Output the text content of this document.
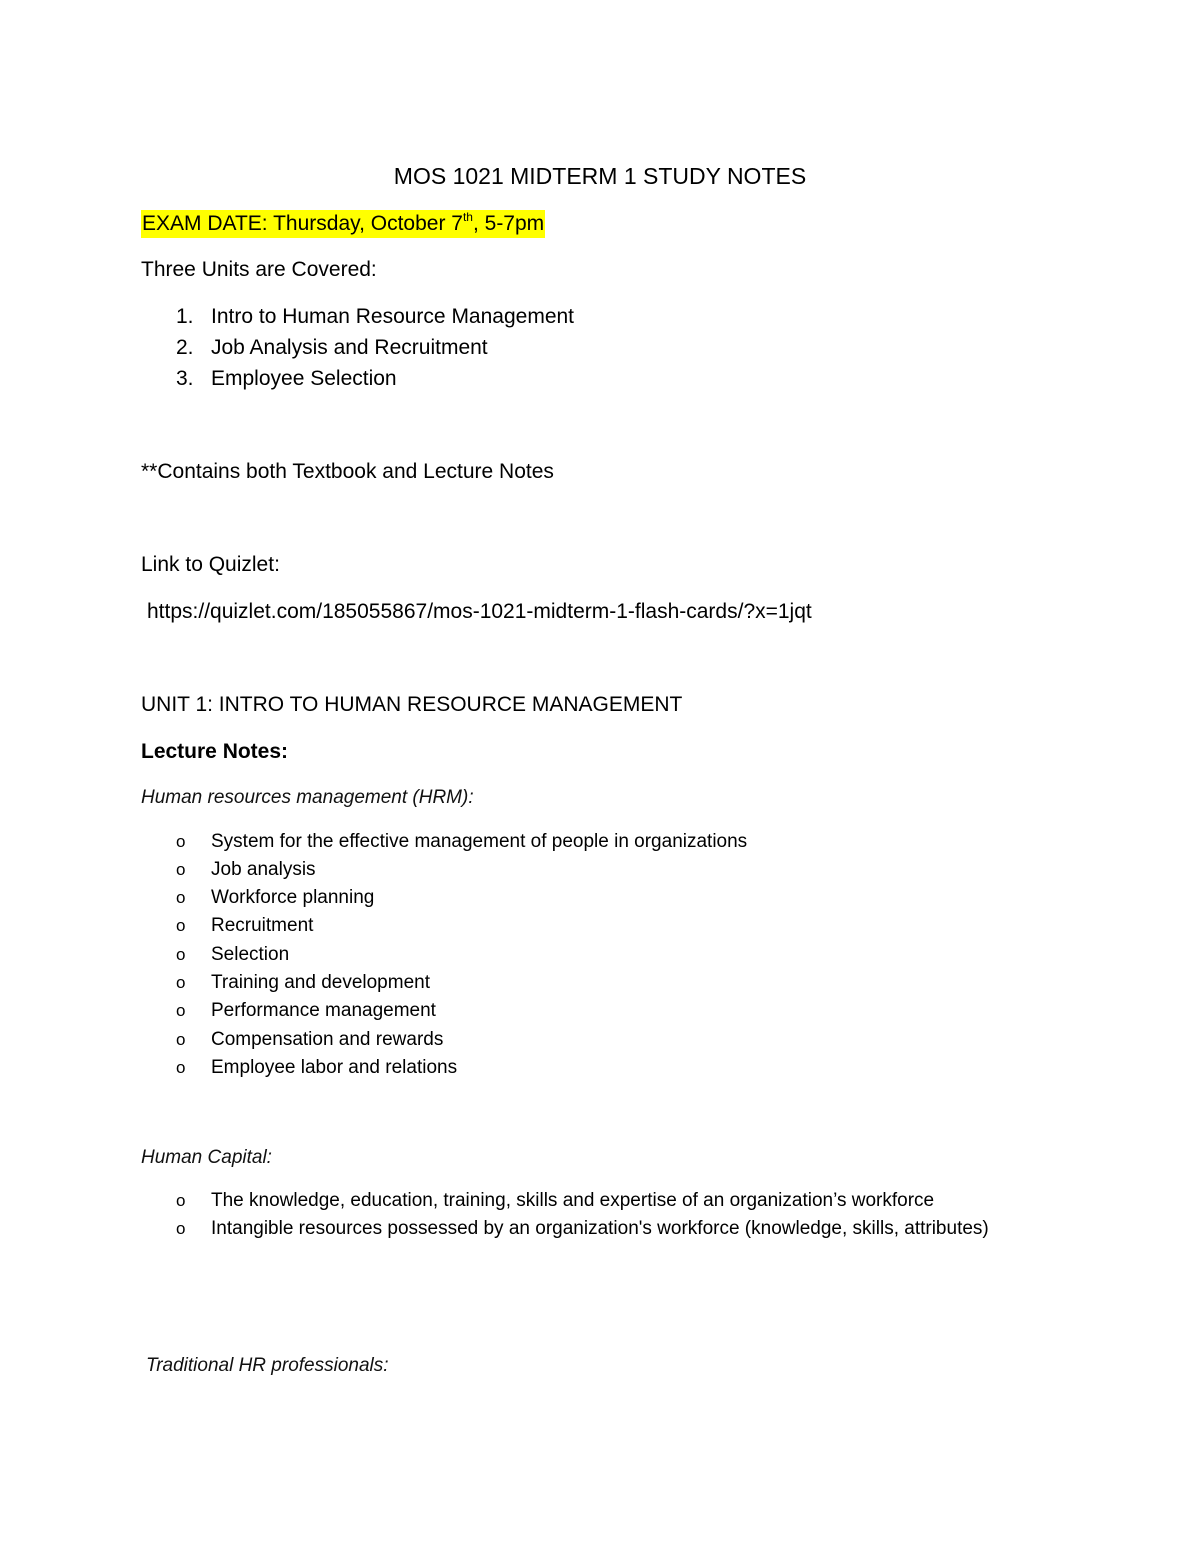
MOS 1021 MIDTERM 1 STUDY NOTES
EXAM DATE: Thursday, October 7th, 5-7pm
Three Units are Covered:
1. Intro to Human Resource Management
2. Job Analysis and Recruitment
3. Employee Selection
**Contains both Textbook and Lecture Notes
Link to Quizlet:
https://quizlet.com/185055867/mos-1021-midterm-1-flash-cards/?x=1jqt
UNIT 1: INTRO TO HUMAN RESOURCE MANAGEMENT
Lecture Notes:
Human resources management (HRM):
o System for the effective management of people in organizations
o Job analysis
o Workforce planning
o Recruitment
o Selection
o Training and development
o Performance management
o Compensation and rewards
o Employee labor and relations
Human Capital:
o The knowledge, education, training, skills and expertise of an organization’s workforce
o Intangible resources possessed by an organization's workforce (knowledge, skills, attributes)
Traditional HR professionals:
